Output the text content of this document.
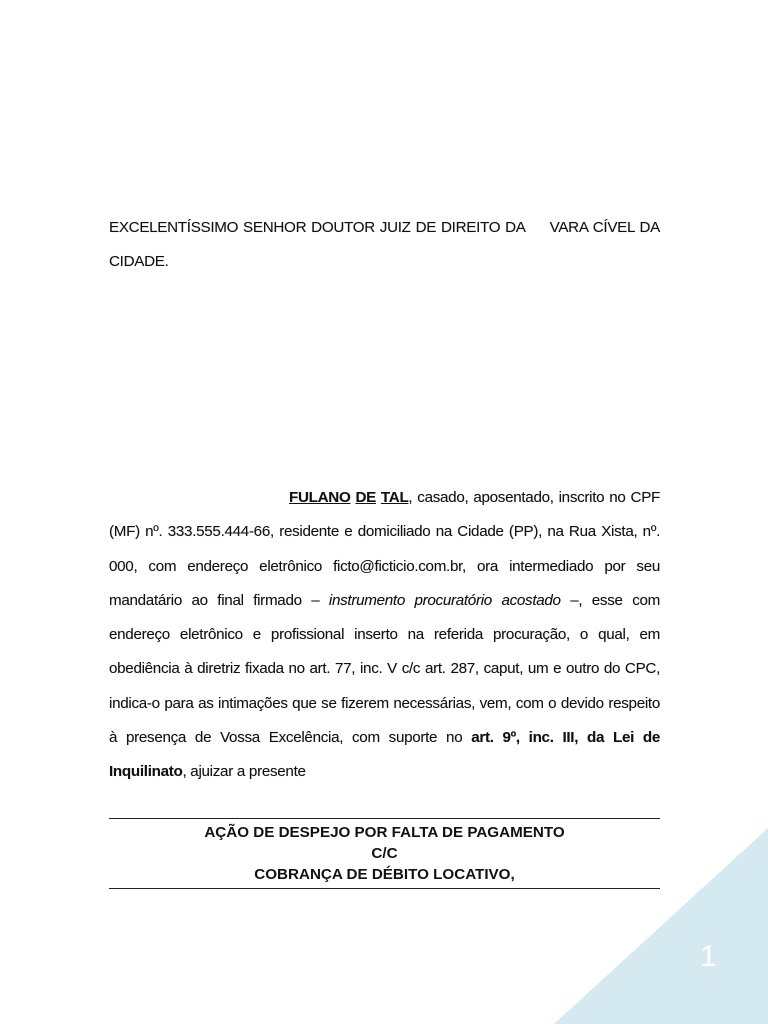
EXCELENTÍSSIMO SENHOR DOUTOR JUIZ DE DIREITO DA VARA CÍVEL DA CIDADE.
FULANO DE TAL, casado, aposentado, inscrito no CPF (MF) nº. 333.555.444-66, residente e domiciliado na Cidade (PP), na Rua Xista, nº. 000, com endereço eletrônico ficto@ficticio.com.br, ora intermediado por seu mandatário ao final firmado – instrumento procuratório acostado –, esse com endereço eletrônico e profissional inserto na referida procuração, o qual, em obediência à diretriz fixada no art. 77, inc. V c/c art. 287, caput, um e outro do CPC, indica-o para as intimações que se fizerem necessárias, vem, com o devido respeito à presença de Vossa Excelência, com suporte no art. 9º, inc. III, da Lei de Inquilinato, ajuizar a presente
AÇÃO DE DESPEJO POR FALTA DE PAGAMENTO
C/C
COBRANÇA DE DÉBITO LOCATIVO,
1
